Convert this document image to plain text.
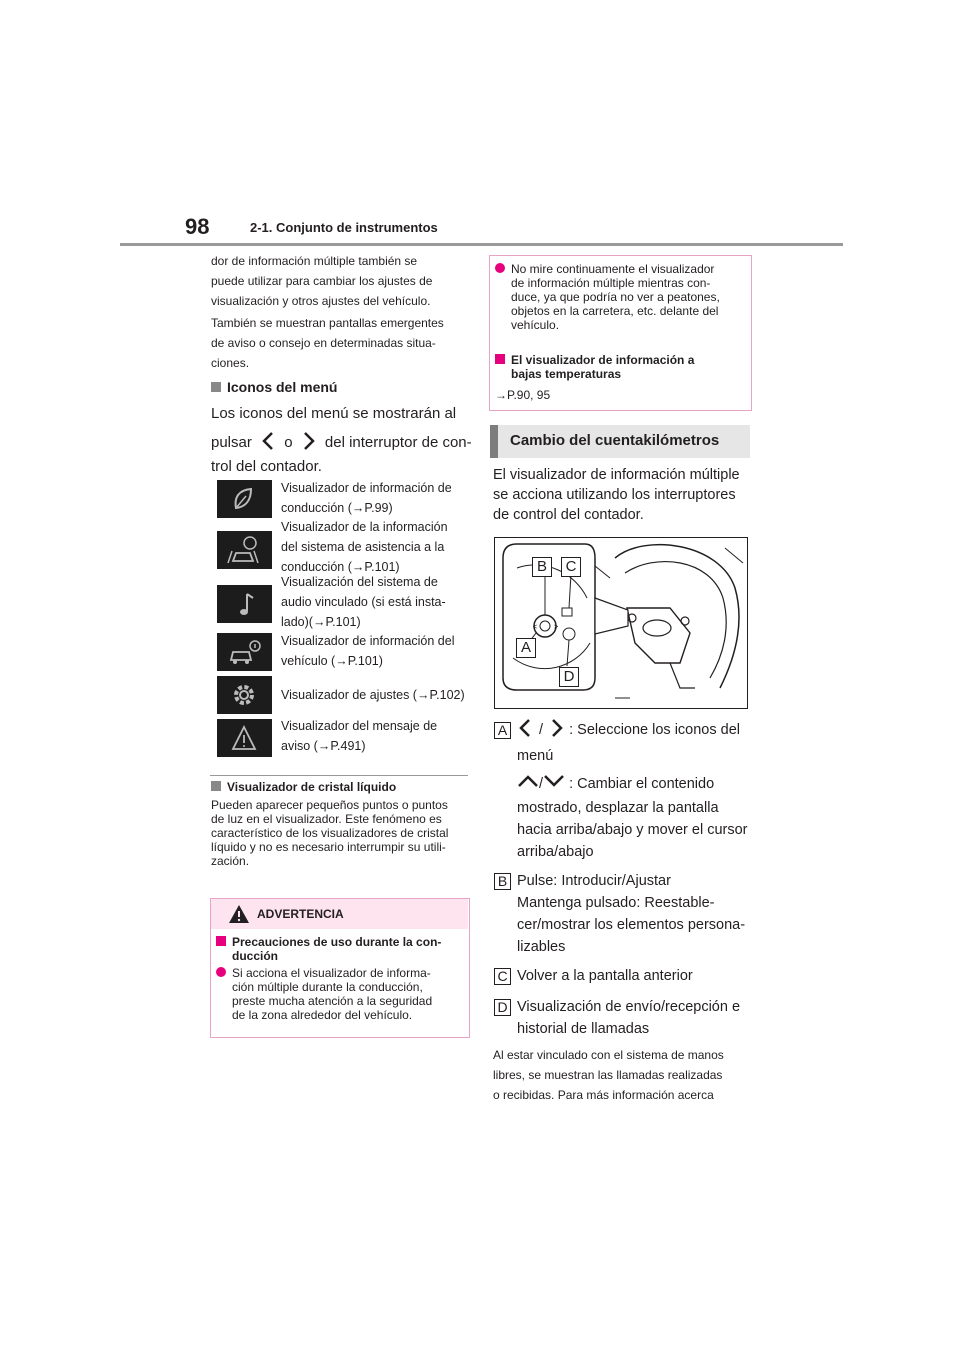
98	2-1. Conjunto de instrumentos
dor de información múltiple también se
puede utilizar para cambiar los ajustes de
visualización y otros ajustes del vehículo.
También se muestran pantallas emergentes
de aviso o consejo en determinadas situa-
ciones.
Iconos del menú
Los iconos del menú se mostrarán al
pulsar o del interruptor de con-
trol del contador.
Visualizador de información de
conducción (→P.99)
Visualizador de la información
del sistema de asistencia a la
conducción (→P.101)
Visualización del sistema de
audio vinculado (si está insta-
lado)(→P.101)
Visualizador de información del
vehículo (→P.101)
Visualizador de ajustes (→P.102)
Visualizador del mensaje de
aviso (→P.491)
Visualizador de cristal líquido
Pueden aparecer pequeños puntos o puntos
de luz en el visualizador. Este fenómeno es
característico de los visualizadores de cristal
líquido y no es necesario interrumpir su utili-
zación.
ADVERTENCIA
Precauciones de uso durante la con-
ducción
Si acciona el visualizador de informa-
ción múltiple durante la conducción,
preste mucha atención a la seguridad
de la zona alrededor del vehículo.
No mire continuamente el visualizador
de información múltiple mientras con-
duce, ya que podría no ver a peatones,
objetos en la carretera, etc. delante del
vehículo.
El visualizador de información a
bajas temperaturas
→P.90, 95
Cambio del cuentakilómetros
El visualizador de información múltiple
se acciona utilizando los interruptores
de control del contador.
< >
B	C
A
D
A	/ : Seleccione los iconos del
menú
/ : Cambiar el contenido
mostrado, desplazar la pantalla
hacia arriba/abajo y mover el cursor
arriba/abajo
B Pulse: Introducir/Ajustar
Mantenga pulsado: Reestable-
cer/mostrar los elementos persona-
lizables
C Volver a la pantalla anterior
D Visualización de envío/recepción e
historial de llamadas
Al estar vinculado con el sistema de manos
libres, se muestran las llamadas realizadas
o recibidas. Para más información acerca
